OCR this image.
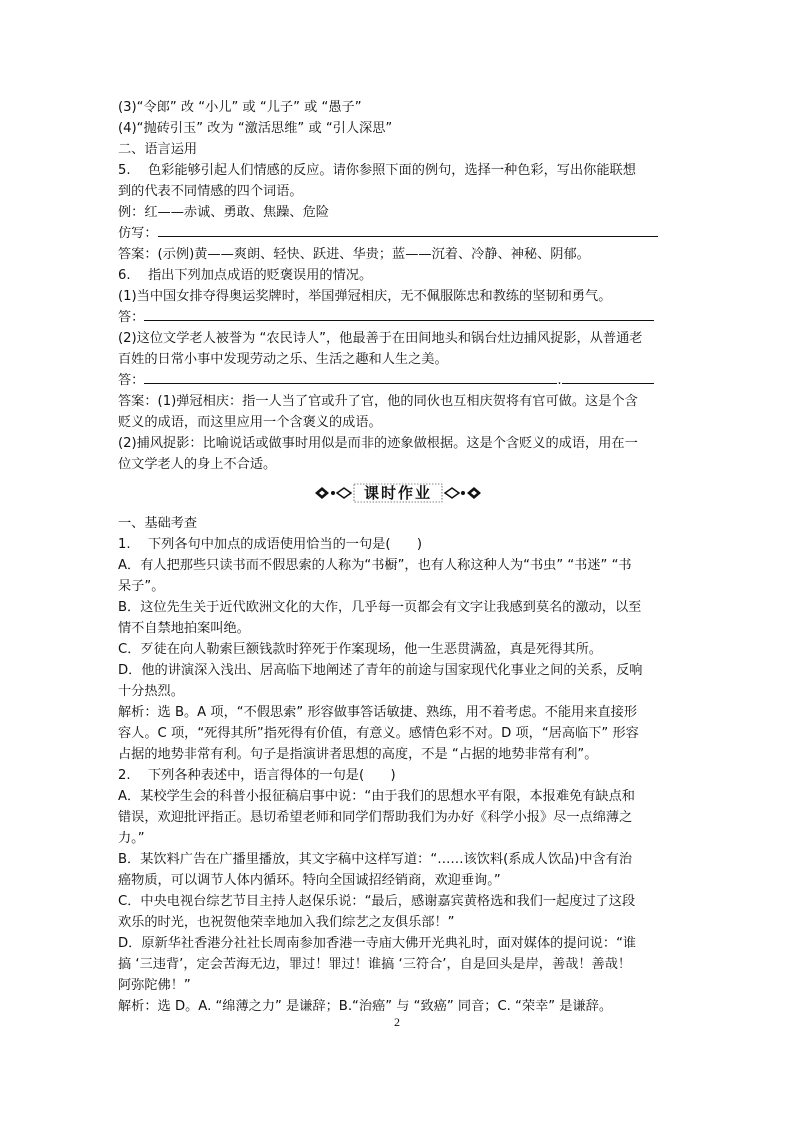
(3)“令郎” 改 “小儿” 或 “儿子” 或 “愚子”
(4)“抛砖引玉” 改为 “激活思维” 或 “引人深思”
二、语言运用
5.  色彩能够引起人们情感的反应。请你参照下面的例句，选择一种色彩，写出你能联想
到的代表不同情感的四个词语。
例：红——赤诚、勇敢、焦躁、危险
仿写：
答案：(示例)黄——爽朗、轻快、跃进、华贵；蓝——沉着、冷静、神秘、阴郁。
6.  指出下列加点成语的贬褒误用的情况。
(1)当中国女排夺得奥运奖牌时，举国弹冠相庆，无不佩服陈忠和教练的坚韧和勇气。
答：
(2)这位文学老人被誉为 “农民诗人”，他最善于在田间地头和锅台灶边捕风捉影，从普通老
百姓的日常小事中发现劳动之乐、生活之趣和人生之美。
答：	.
答案：(1)弹冠相庆：指一人当了官或升了官，他的同伙也互相庆贺将有官可做。这是个含
贬义的成语，而这里应用一个含褒义的成语。
(2)捕风捉影：比喻说话或做事时用似是而非的迹象做根据。这是个含贬义的成语，用在一
位文学老人的身上不合适。
课时作业
一、基础考查
1.  下列各句中加点的成语使用恰当的一句是(  )
A．有人把那些只读书而不假思索的人称为“书橱”，也有人称这种人为“书虫” “书迷” “书
呆子”。
B．这位先生关于近代欧洲文化的大作，几乎每一页都会有文字让我感到莫名的激动，以至
情不自禁地拍案叫绝。
C．歹徒在向人勒索巨额钱款时猝死于作案现场，他一生恶贯满盈，真是死得其所。
D．他的讲演深入浅出、居高临下地阐述了青年的前途与国家现代化事业之间的关系，反响
十分热烈。
解析：选 B。A 项，“不假思索” 形容做事答话敏捷、熟练，用不着考虑。不能用来直接形
容人。C 项，“死得其所”指死得有价值，有意义。感情色彩不对。D 项，“居高临下” 形容
占据的地势非常有利。句子是指演讲者思想的高度，不是 “占据的地势非常有利”。
2.  下列各种表述中，语言得体的一句是(  )
A．某校学生会的科普小报征稿启事中说：“由于我们的思想水平有限，本报难免有缺点和
错误，欢迎批评指正。恳切希望老师和同学们帮助我们为办好《科学小报》尽一点绵薄之
力。”
B．某饮料广告在广播里播放，其文字稿中这样写道：“……该饮料(系成人饮品)中含有治
癌物质，可以调节人体内循环。特向全国诚招经销商，欢迎垂询。”
C．中央电视台综艺节目主持人赵保乐说：“最后，感谢嘉宾黄格选和我们一起度过了这段
欢乐的时光，也祝贺他荣幸地加入我们综艺之友俱乐部！”
D．原新华社香港分社社长周南参加香港一寺庙大佛开光典礼时，面对媒体的提问说：“谁
搞 ‘三违背’，定会苦海无边，罪过！罪过！谁搞 ‘三符合’，自是回头是岸，善哉！善哉！
阿弥陀佛！”
解析：选 D。A. “绵薄之力” 是谦辞；B.“治癌” 与 “致癌” 同音；C. “荣幸” 是谦辞。
2
